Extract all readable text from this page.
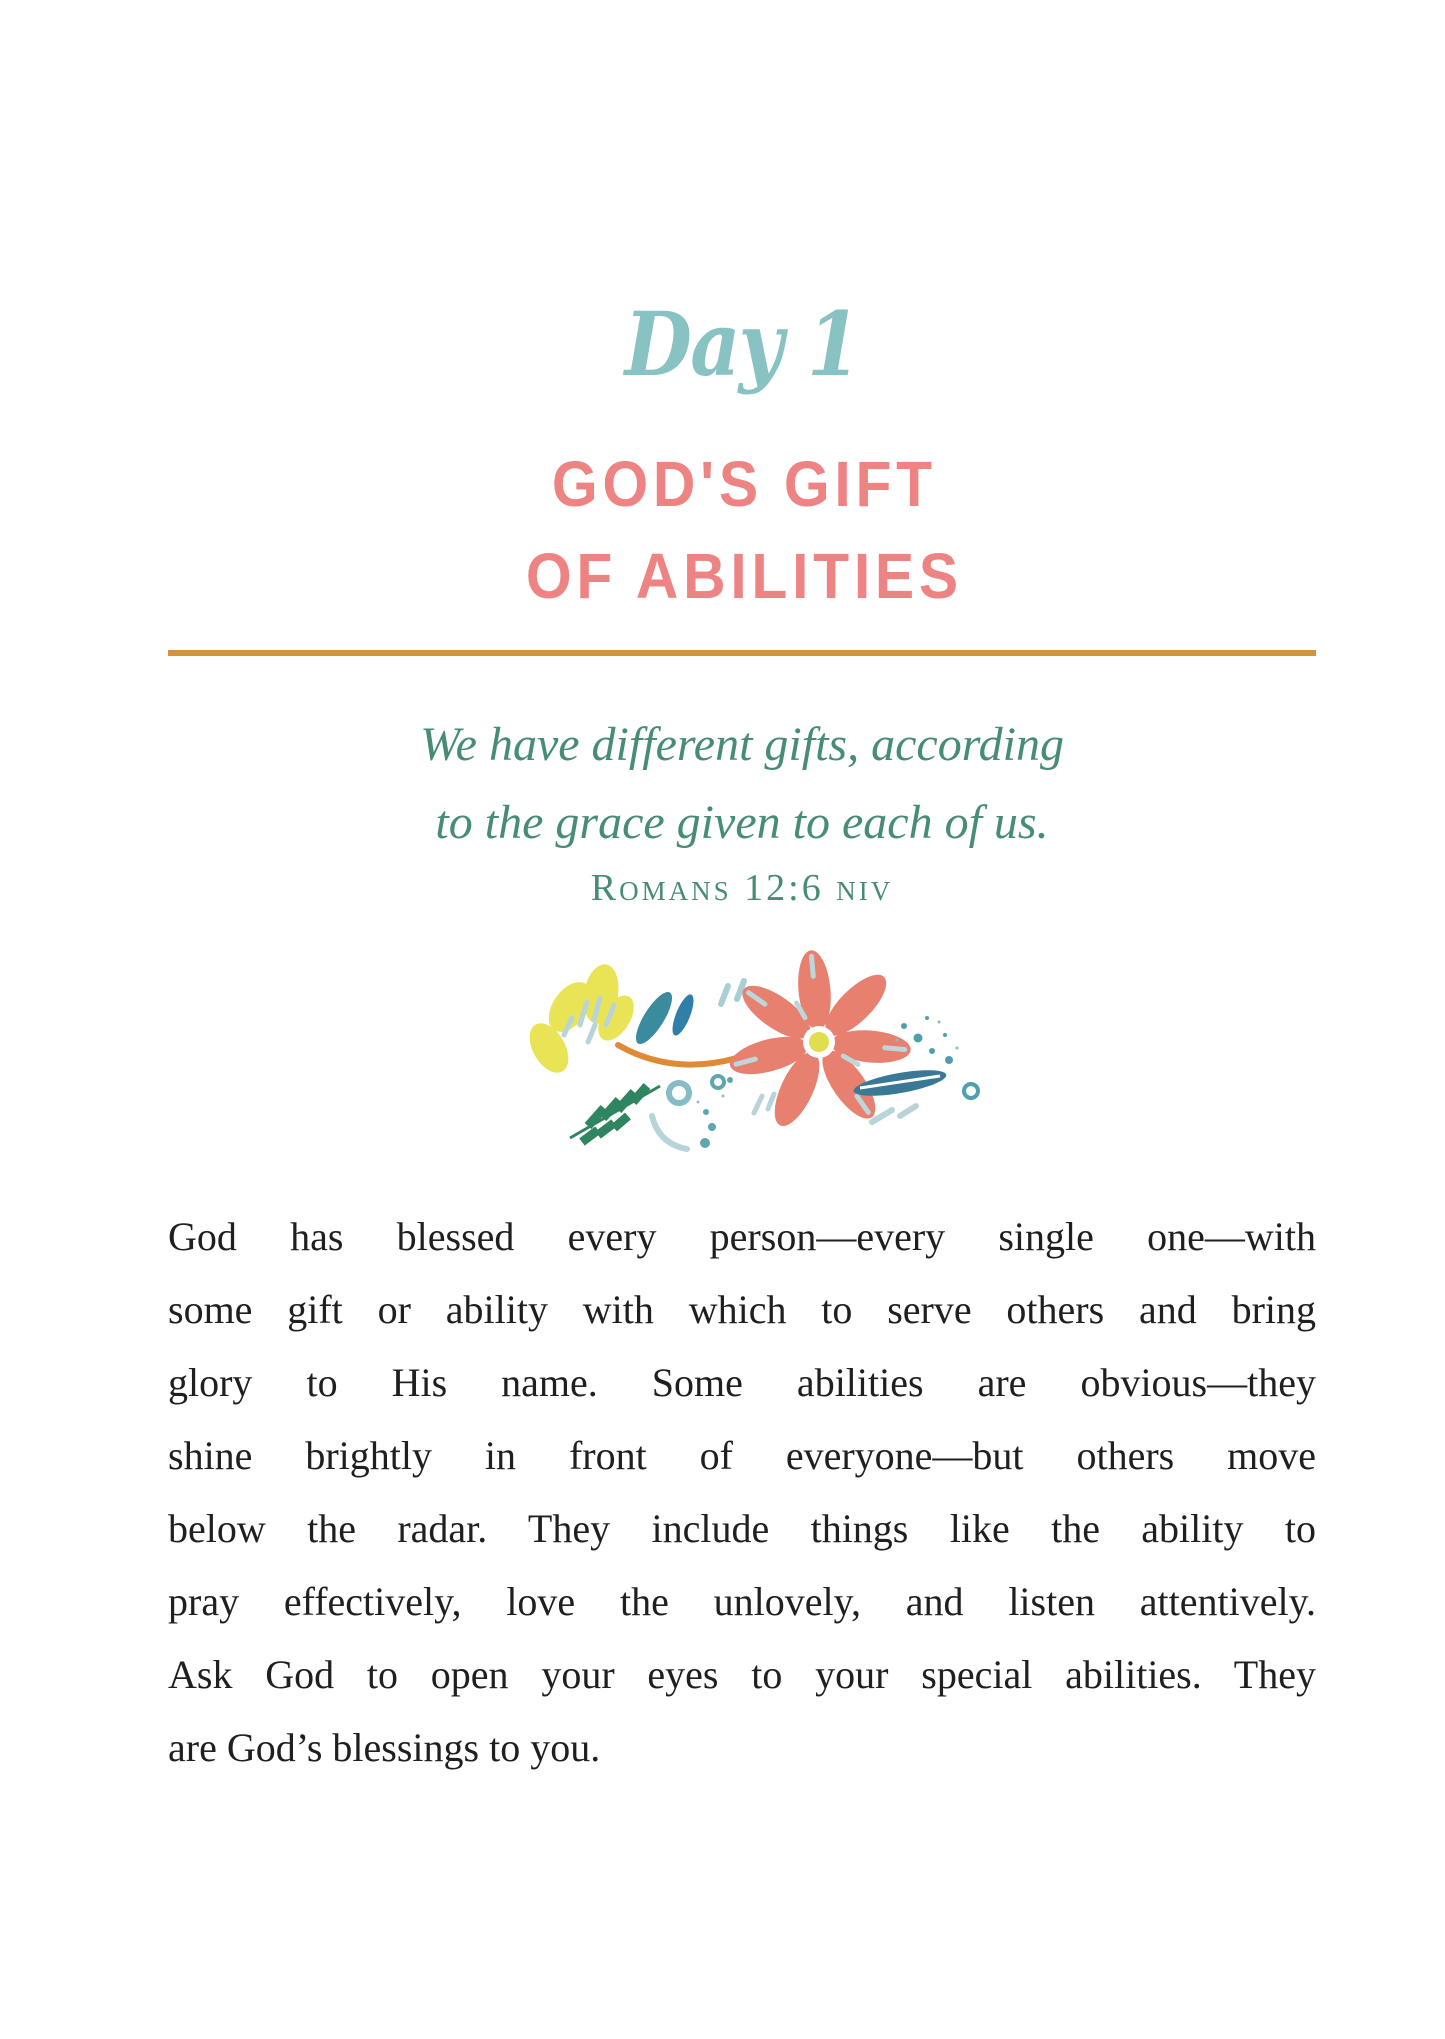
Day 1
GOD'S GIFT
OF ABILITIES
We have different gifts, according
to the grace given to each of us.
Romans 12:6 niv
God has blessed every person—every single one—with
some gift or ability with which to serve others and bring
glory to His name. Some abilities are obvious—they
shine brightly in front of everyone—but others move
below the radar. They include things like the ability to
pray effectively, love the unlovely, and listen attentively.
Ask God to open your eyes to your special abilities. They
are God’s blessings to you.
